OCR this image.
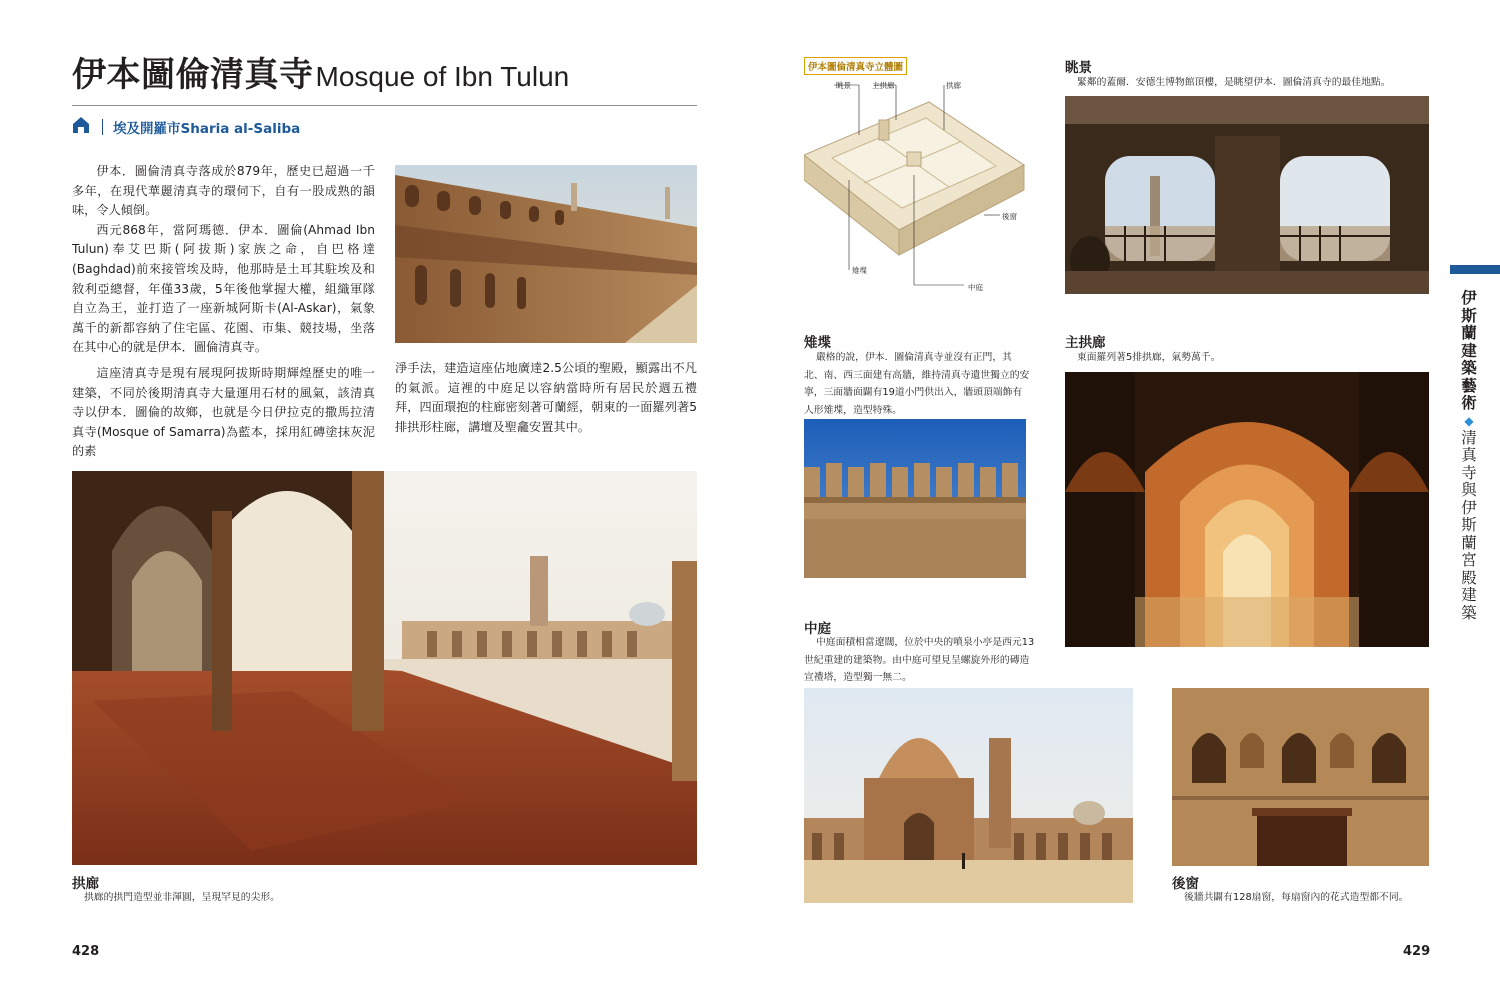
伊本圖倫清真寺Mosque of Ibn Tulun
埃及開羅市Sharia al-Saliba

伊本．圖倫清真寺落成於879年，歷史已超過一千多年，在現代華麗清真寺的環伺下，自有一股成熟的韻味，令人傾倒。

西元868年，當阿瑪德．伊本．圖倫(Ahmad Ibn Tulun)奉艾巴斯(阿拔斯)家族之命，自巴格達(Baghdad)前來接管埃及時，他那時是土耳其駐埃及和敘利亞總督，年僅33歲，5年後他掌握大權，組織軍隊自立為王，並打造了一座新城阿斯卡(Al-Askar)，氣象萬千的新都容納了住宅區、花園、市集、競技場，坐落在其中心的就是伊本．圖倫清真寺。

這座清真寺是現有展現阿拔斯時期輝煌歷史的唯一建築，不同於後期清真寺大量運用石材的風氣，該清真寺以伊本．圖倫的故鄉，也就是今日伊拉克的撒馬拉清真寺(Mosque of Samarra)為藍本，採用紅磚塗抹灰泥的素

淨手法，建造這座佔地廣達2.5公頃的聖殿，顯露出不凡的氣派。這裡的中庭足以容納當時所有居民於週五禮拜，四面環抱的柱廊密刻著可蘭經，朝東的一面羅列著5排拱形柱廊，講壇及聖龕安置其中。

拱廊
拱廊的拱門造型並非渾圓，呈現罕見的尖形。
428
伊本圖倫清真寺立體圖
眺景	主拱廊	拱廊
後窗
雉堞
中庭
眺景
緊鄰的蓋爾．安德生博物館頂樓，是眺望伊本．圖倫清真寺的最佳地點。
雉堞
嚴格的說，伊本．圖倫清真寺並沒有正門，其北、南、西三面建有高牆，維持清真寺遺世獨立的安寧，三面牆面闢有19道小門供出入，牆頭頂端飾有人形雉堞，造型特殊。
主拱廊
東面羅列著5排拱廊，氣勢萬千。
中庭
中庭面積相當遼闊，位於中央的噴泉小亭是西元13世紀重建的建築物。由中庭可望見呈螺旋外形的磚造宣禮塔，造型獨一無二。
後窗
後牆共闢有128扇窗，每扇窗內的花式造型都不同。
伊
斯
蘭
建
築
藝
術
◆
清
真
寺
與
伊
斯
蘭
宮
殿
建
築
429
